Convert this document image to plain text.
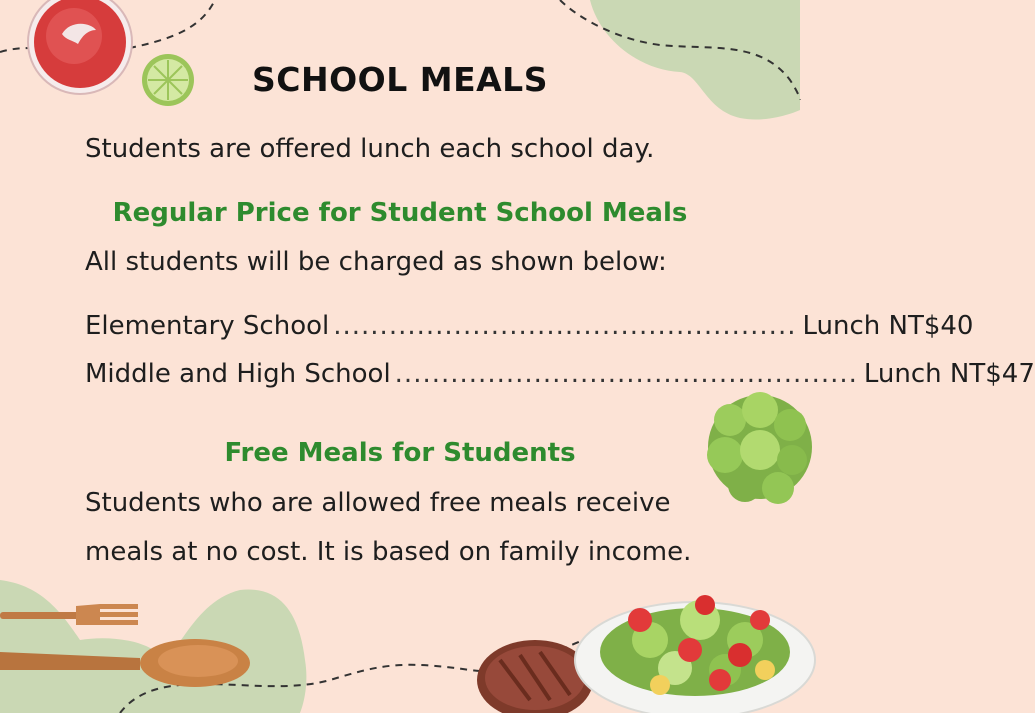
SCHOOL MEALS
Students are offered lunch each school day.
Regular Price for Student School Meals
All students will be charged as shown below:
Elementary School .................................................. Lunch NT$40
Middle and High School .................................................. Lunch NT$47
Free Meals for Students
Students who are allowed free meals receive
meals at no cost. It is based on family income.
